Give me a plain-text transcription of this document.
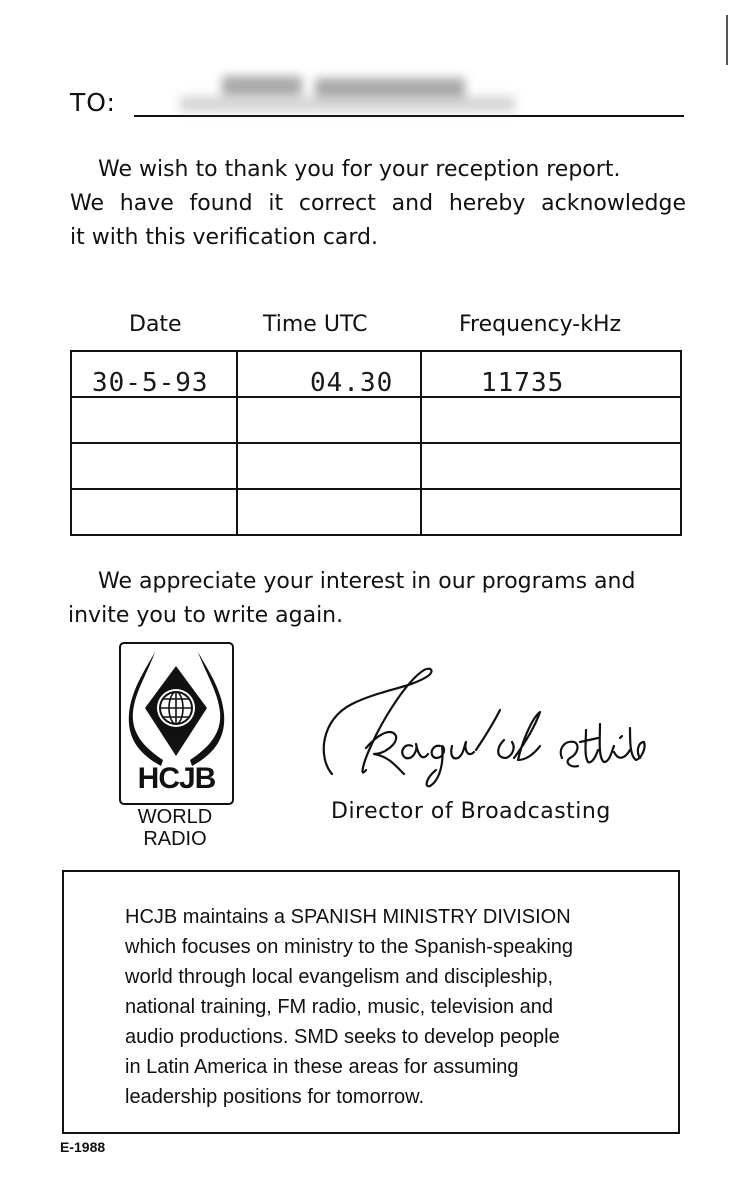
TO:
We wish to thank you for your reception report.
We have found it correct and hereby acknowledge
it with this verification card.
Date	Time UTC	Frequency-kHz
30-5-93	04.30	11735
We appreciate your interest in our programs and
invite you to write again.
HCJB
WORLD
RADIO
Director of Broadcasting
HCJB maintains a SPANISH MINISTRY DIVISION
which focuses on ministry to the Spanish-speaking
world through local evangelism and discipleship,
national training, FM radio, music, television and
audio productions. SMD seeks to develop people
in Latin America in these areas for assuming
leadership positions for tomorrow.
E-1988
